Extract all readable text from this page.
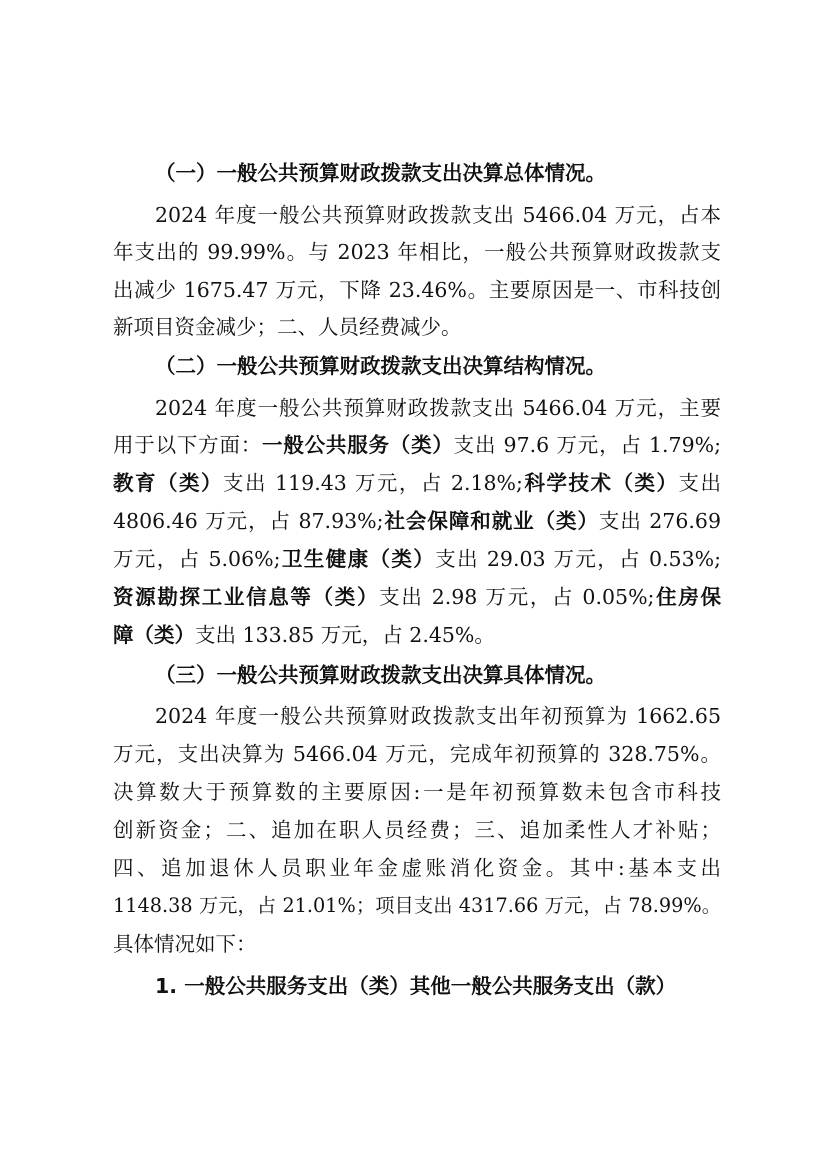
（一）一般公共预算财政拨款支出决算总体情况。
2024 年度一般公共预算财政拨款支出 5466.04 万元，占本
年支出的 99.99%。与 2023 年相比，一般公共预算财政拨款支
出减少 1675.47 万元，下降 23.46%。主要原因是一、市科技创
新项目资金减少；二、人员经费减少。
（二）一般公共预算财政拨款支出决算结构情况。
2024 年度一般公共预算财政拨款支出 5466.04 万元，主要
用于以下方面：一般公共服务（类）支出 97.6 万元，占 1.79%;
教育（类）支出 119.43 万元，占 2.18%;科学技术（类）支出
4806.46 万元，占 87.93%;社会保障和就业（类）支出 276.69
万元，占 5.06%;卫生健康（类）支出 29.03 万元，占 0.53%;
资源勘探工业信息等（类）支出 2.98 万元，占 0.05%;住房保
障（类）支出 133.85 万元，占 2.45%。
（三）一般公共预算财政拨款支出决算具体情况。
2024 年度一般公共预算财政拨款支出年初预算为 1662.65
万元，支出决算为 5466.04 万元，完成年初预算的 328.75%。
决算数大于预算数的主要原因:一是年初预算数未包含市科技
创新资金；二、追加在职人员经费；三、追加柔性人才补贴；
四、追加退休人员职业年金虚账消化资金。其中:基本支出
1148.38 万元，占 21.01%；项目支出 4317.66 万元，占 78.99%。
具体情况如下：
1. 一般公共服务支出（类）其他一般公共服务支出（款）
